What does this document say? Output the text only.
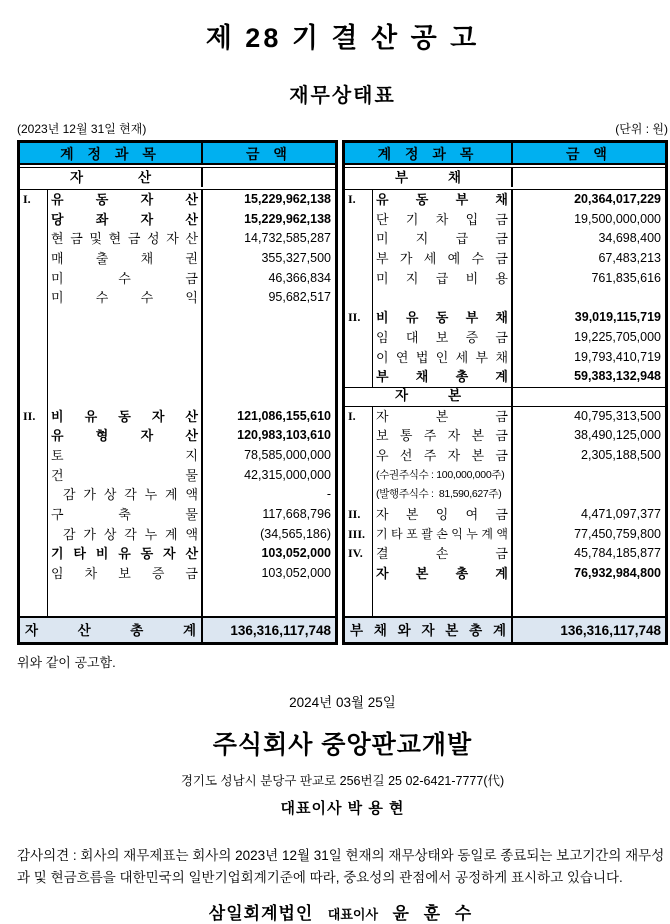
제 28 기 결 산 공 고
재무상태표
(2023년 12월 31일 현재)	(단위 : 원)
계 정 과 목	금 액
자 산
I.	유 동 자 산	15,229,962,138
당 좌 자 산	15,229,962,138
현 금 및 현 금 성 자 산	14,732,585,287
매 출 채 권	355,327,500
미 수 금	46,366,834
미 수 수 익	95,682,517
II.	비 유 동 자 산	121,086,155,610
유 형 자 산	120,983,103,610
토 지	78,585,000,000
건 물	42,315,000,000
감 가 상 각 누 계 액	-
구 축 물	117,668,796
감 가 상 각 누 계 액	(34,565,186)
기 타 비 유 동 자 산	103,052,000
임 차 보 증 금	103,052,000
자 산 총 계	136,316,117,748
계 정 과 목	금 액
부 채
I.	유 동 부 채	20,364,017,229
단 기 차 입 금	19,500,000,000
미 지 급 금	34,698,400
부 가 세 예 수 금	67,483,213
미 지 급 비 용	761,835,616
II.	비 유 동 부 채	39,019,115,719
임 대 보 증 금	19,225,705,000
이 연 법 인 세 부 채	19,793,410,719
부 채 총 계	59,383,132,948
자 본
I.	자 본 금	40,795,313,500
보 통 주 자 본 금	38,490,125,000
우 선 주 자 본 금	2,305,188,500
(수권주식수 : 100,000,000주)
(발행주식수 :  81,590,627주)
II.	자 본 잉 여 금	4,471,097,377
III. 기 타 포 괄 손 익 누 계 액	77,450,759,800
IV.	결 손 금	45,784,185,877
자 본 총 계	76,932,984,800
부 채 와 자 본 총 계	136,316,117,748

위와 같이 공고함.

2024년 03월 25일

주식회사 중앙판교개발

경기도 성남시 분당구 판교로 256번길 25 02-6421-7777(代)

대표이사 박 용 현

감사의견 : 회사의 재무제표는 회사의 2023년 12월 31일 현재의 재무상태와 동일로 종료되는 보고기간의 재무성과 및 현금흐름을 대한민국의 일반기업회계기준에 따라, 중요성의 관점에서 공정하게 표시하고 있습니다.

삼일회계법인 대표이사 윤 훈 수
